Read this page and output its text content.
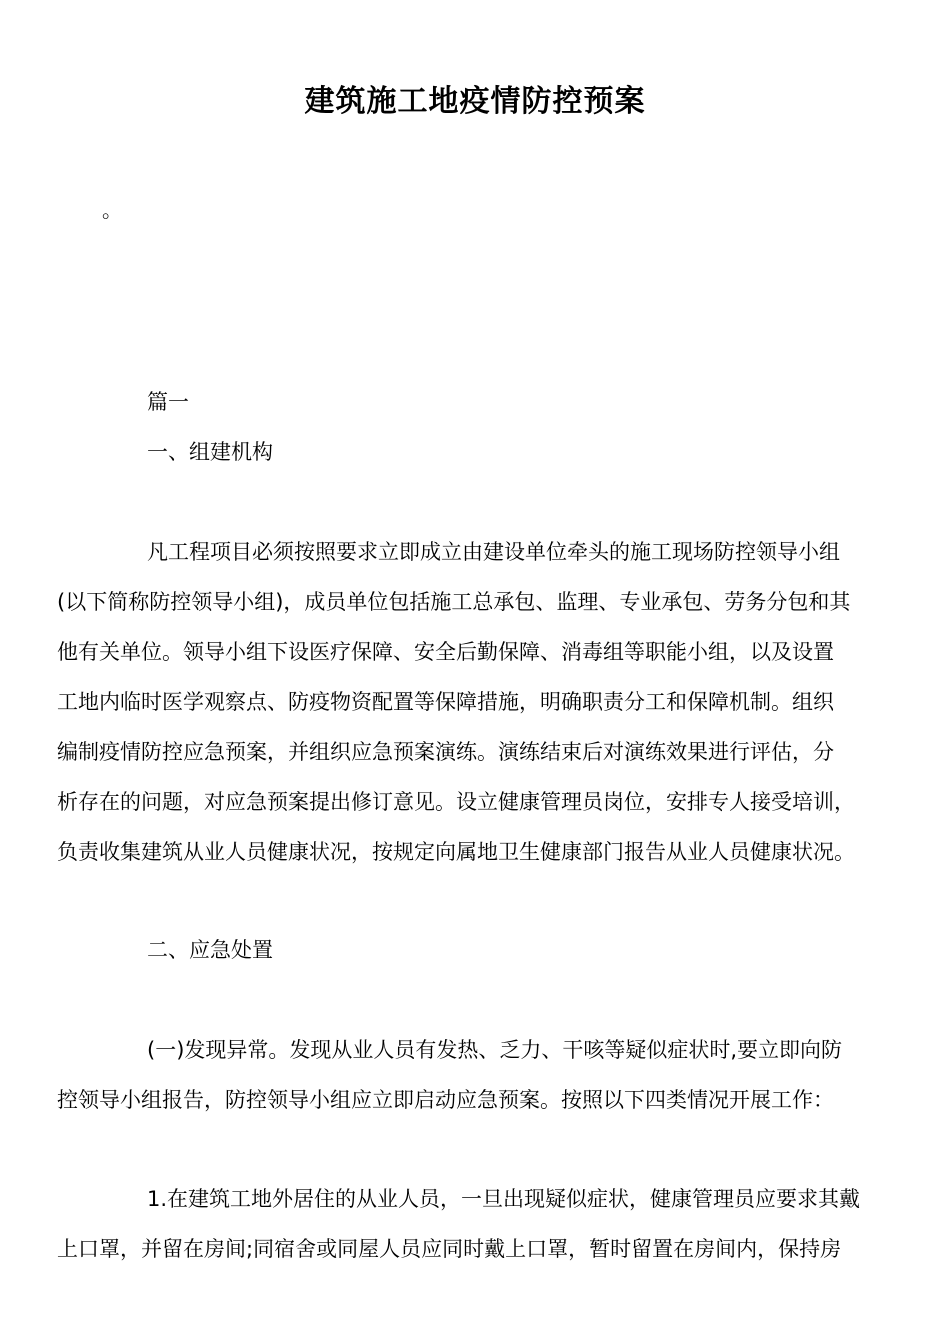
建筑施工地疫情防控预案
。
篇一
一、组建机构
凡工程项目必须按照要求立即成立由建设单位牵头的施工现场防控领导小组
(以下简称防控领导小组)，成员单位包括施工总承包、监理、专业承包、劳务分包和其
他有关单位。领导小组下设医疗保障、安全后勤保障、消毒组等职能小组，以及设置
工地内临时医学观察点、防疫物资配置等保障措施，明确职责分工和保障机制。组织
编制疫情防控应急预案，并组织应急预案演练。演练结束后对演练效果进行评估，分
析存在的问题，对应急预案提出修订意见。设立健康管理员岗位，安排专人接受培训，
负责收集建筑从业人员健康状况，按规定向属地卫生健康部门报告从业人员健康状况。
二、应急处置
(一)发现异常。发现从业人员有发热、乏力、干咳等疑似症状时,要立即向防
控领导小组报告，防控领导小组应立即启动应急预案。按照以下四类情况开展工作：
1.在建筑工地外居住的从业人员，一旦出现疑似症状，健康管理员应要求其戴
上口罩，并留在房间;同宿舍或同屋人员应同时戴上口罩，暂时留置在房间内，保持房
